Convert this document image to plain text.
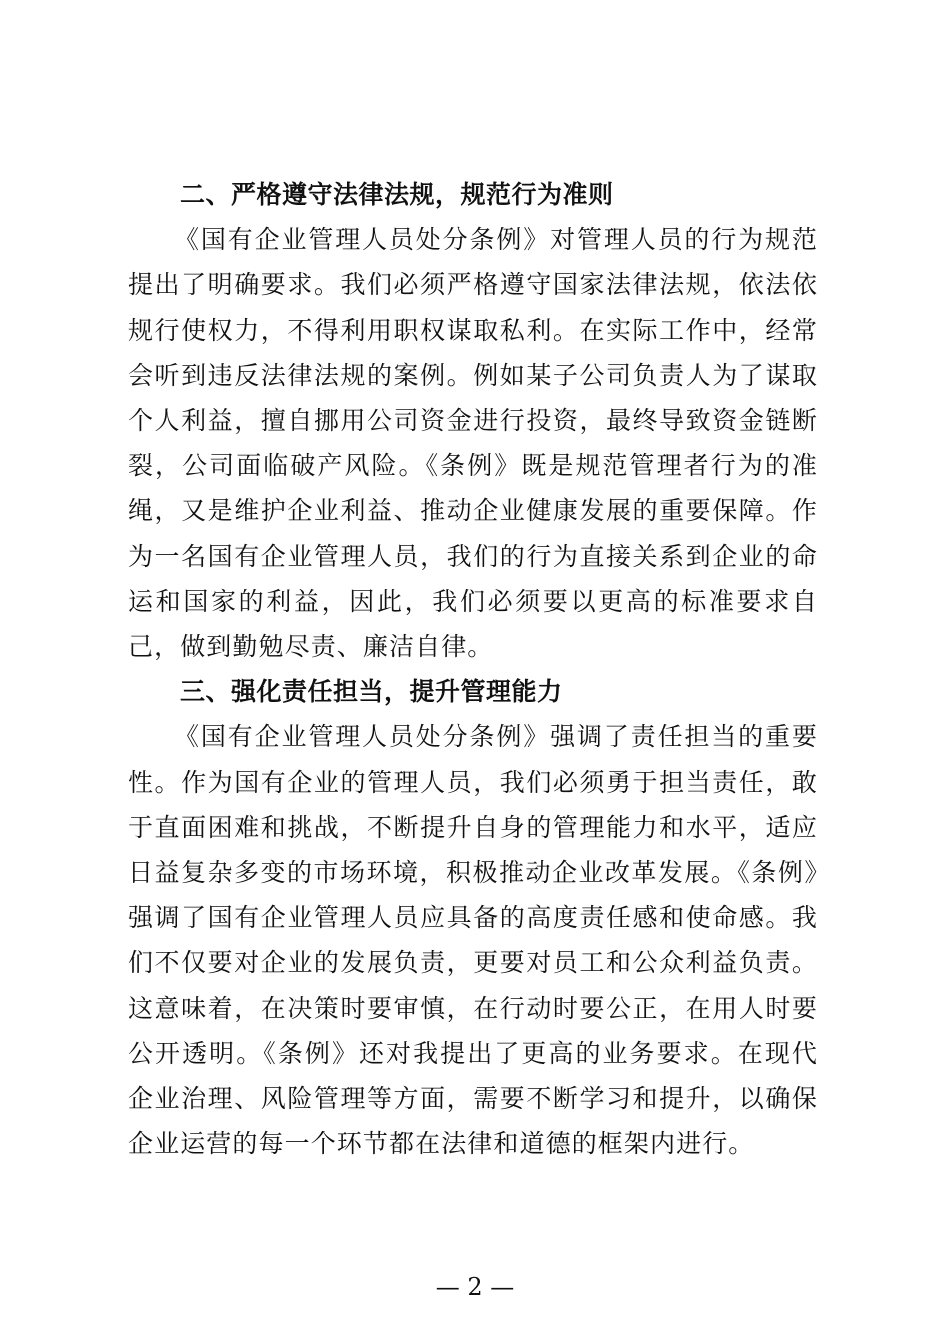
二、严格遵守法律法规，规范行为准则

《国有企业管理人员处分条例》对管理人员的行为规范提出了明确要求。我们必须严格遵守国家法律法规，依法依规行使权力，不得利用职权谋取私利。在实际工作中，经常会听到违反法律法规的案例。例如某子公司负责人为了谋取个人利益，擅自挪用公司资金进行投资，最终导致资金链断裂，公司面临破产风险。《条例》既是规范管理者行为的准绳，又是维护企业利益、推动企业健康发展的重要保障。作为一名国有企业管理人员，我们的行为直接关系到企业的命运和国家的利益，因此，我们必须要以更高的标准要求自己，做到勤勉尽责、廉洁自律。

三、强化责任担当，提升管理能力

《国有企业管理人员处分条例》强调了责任担当的重要性。作为国有企业的管理人员，我们必须勇于担当责任，敢于直面困难和挑战，不断提升自身的管理能力和水平，适应日益复杂多变的市场环境，积极推动企业改革发展。《条例》强调了国有企业管理人员应具备的高度责任感和使命感。我们不仅要对企业的发展负责，更要对员工和公众利益负责。这意味着，在决策时要审慎，在行动时要公正，在用人时要公开透明。《条例》还对我提出了更高的业务要求。在现代企业治理、风险管理等方面，需要不断学习和提升，以确保企业运营的每一个环节都在法律和道德的框架内进行。

— 2 —
